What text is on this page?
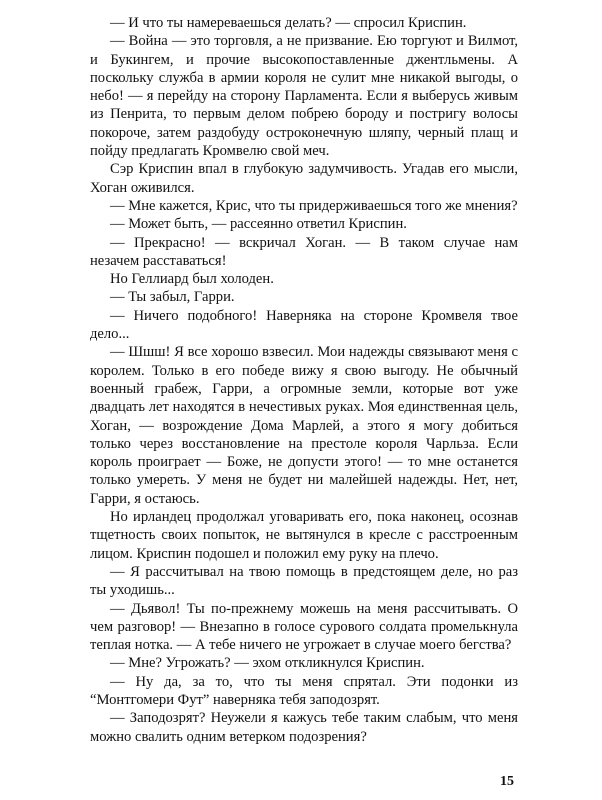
— И что ты намереваешься делать? — спросил Криспин.

— Война — это торговля, а не призвание. Ею торгуют и Вилмот, и Букингем, и прочие высокопоставленные джентльмены. А поскольку служба в армии короля не сулит мне никакой выгоды, о небо! — я перейду на сторону Парламента. Если я выберусь живым из Пенрита, то первым делом побрею бороду и постригу волосы покороче, затем раздобуду остроконечную шляпу, черный плащ и пойду предлагать Кромвелю свой меч.

Сэр Криспин впал в глубокую задумчивость. Угадав его мысли, Хоган оживился.

— Мне кажется, Крис, что ты придерживаешься того же мнения?

— Может быть, — рассеянно ответил Криспин.

— Прекрасно! — вскричал Хоган. — В таком случае нам незачем расставаться!

Но Геллиард был холоден.

— Ты забыл, Гарри.

— Ничего подобного! Наверняка на стороне Кромвеля твое дело...

— Шшш! Я все хорошо взвесил. Мои надежды связывают меня с королем. Только в его победе вижу я свою выгоду. Не обычный военный грабеж, Гарри, а огромные земли, которые вот уже двадцать лет находятся в нечестивых руках. Моя единственная цель, Хоган, — возрождение Дома Марлей, а этого я могу добиться только через восстановление на престоле короля Чарльза. Если король проиграет — Боже, не допусти этого! — то мне останется только умереть. У меня не будет ни малейшей надежды. Нет, нет, Гарри, я остаюсь.

Но ирландец продолжал уговаривать его, пока наконец, осознав тщетность своих попыток, не вытянулся в кресле с расстроенным лицом. Криспин подошел и положил ему руку на плечо.

— Я рассчитывал на твою помощь в предстоящем деле, но раз ты уходишь...

— Дьявол! Ты по-прежнему можешь на меня рассчитывать. О чем разговор! — Внезапно в голосе сурового солдата промелькнула теплая нотка. — А тебе ничего не угрожает в случае моего бегства?

— Мне? Угрожать? — эхом откликнулся Криспин.

— Ну да, за то, что ты меня спрятал. Эти подонки из “Монтгомери Фут” наверняка тебя заподозрят.

— Заподозрят? Неужели я кажусь тебе таким слабым, что меня можно свалить одним ветерком подозрения?

15
